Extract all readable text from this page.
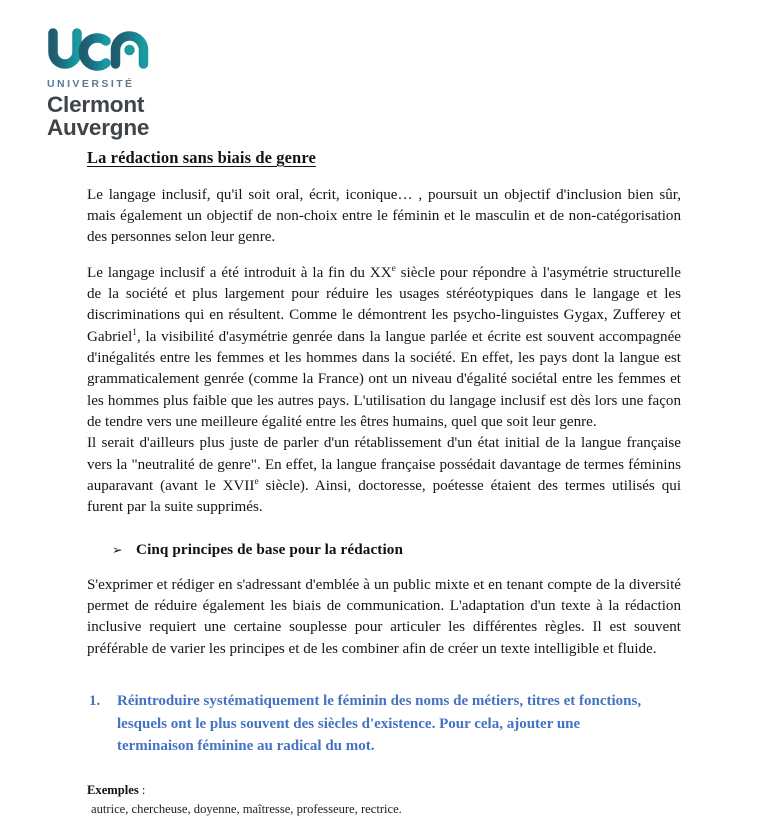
UNIVERSITÉ
Clermont
Auvergne
La rédaction sans biais de genre

Le langage inclusif, qu'il soit oral, écrit, iconique… , poursuit un objectif d'inclusion bien sûr, mais également un objectif de non-choix entre le féminin et le masculin et de non-catégorisation des personnes selon leur genre.

Le langage inclusif a été introduit à la fin du XXe siècle pour répondre à l'asymétrie structurelle de la société et plus largement pour réduire les usages stéréotypiques dans le langage et les discriminations qui en résultent. Comme le démontrent les psycho-linguistes Gygax, Zufferey et Gabriel$^1$, la visibilité d'asymétrie genrée dans la langue parlée et écrite est souvent accompagnée d'inégalités entre les femmes et les hommes dans la société. En effet, les pays dont la langue est grammaticalement genrée (comme la France) ont un niveau d'égalité sociétal entre les femmes et les hommes plus faible que les autres pays. L'utilisation du langage inclusif est dès lors une façon de tendre vers une meilleure égalité entre les êtres humains, quel que soit leur genre.

Il serait d'ailleurs plus juste de parler d'un rétablissement d'un état initial de la langue française vers la "neutralité de genre". En effet, la langue française possédait davantage de termes féminins auparavant (avant le XVIIe siècle). Ainsi, doctoresse, poétesse étaient des termes utilisés qui furent par la suite supprimés.

➢ Cinq principes de base pour la rédaction

S'exprimer et rédiger en s'adressant d'emblée à un public mixte et en tenant compte de la diversité permet de réduire également les biais de communication. L'adaptation d'un texte à la rédaction inclusive requiert une certaine souplesse pour articuler les différentes règles. Il est souvent préférable de varier les principes et de les combiner afin de créer un texte intelligible et fluide.

1.	Réintroduire systématiquement le féminin des noms de métiers, titres et fonctions, lesquels ont le plus souvent des siècles d'existence. Pour cela, ajouter une terminaison féminine au radical du mot.
Exemples :
autrice, chercheuse, doyenne, maîtresse, professeure, rectrice.
